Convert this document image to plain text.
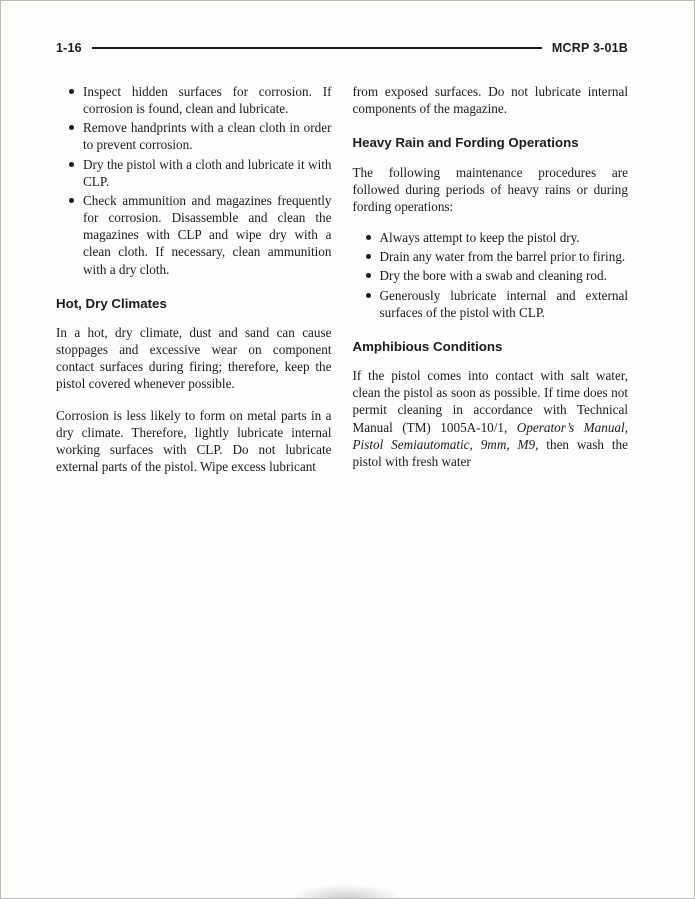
1-16	MCRP 3-01B
Inspect hidden surfaces for corrosion. If corrosion is found, clean and lubricate.
Remove handprints with a clean cloth in order to prevent corrosion.
Dry the pistol with a cloth and lubricate it with CLP.
Check ammunition and magazines frequently for corrosion. Disassemble and clean the magazines with CLP and wipe dry with a clean cloth. If necessary, clean ammunition with a dry cloth.
Hot, Dry Climates

In a hot, dry climate, dust and sand can cause stoppages and excessive wear on component contact surfaces during firing; therefore, keep the pistol covered whenever possible.

Corrosion is less likely to form on metal parts in a dry climate. Therefore, lightly lubricate internal working surfaces with CLP. Do not lubricate external parts of the pistol. Wipe excess lubricant

from exposed surfaces. Do not lubricate internal components of the magazine.

Heavy Rain and Fording Operations

The following maintenance procedures are followed during periods of heavy rains or during fording operations:

Always attempt to keep the pistol dry.
Drain any water from the barrel prior to firing.
Dry the bore with a swab and cleaning rod.
Generously lubricate internal and external surfaces of the pistol with CLP.
Amphibious Conditions

If the pistol comes into contact with salt water, clean the pistol as soon as possible. If time does not permit cleaning in accordance with Technical Manual (TM) 1005A-10/1, Operator’s Manual, Pistol Semiautomatic, 9mm, M9, then wash the pistol with fresh water
